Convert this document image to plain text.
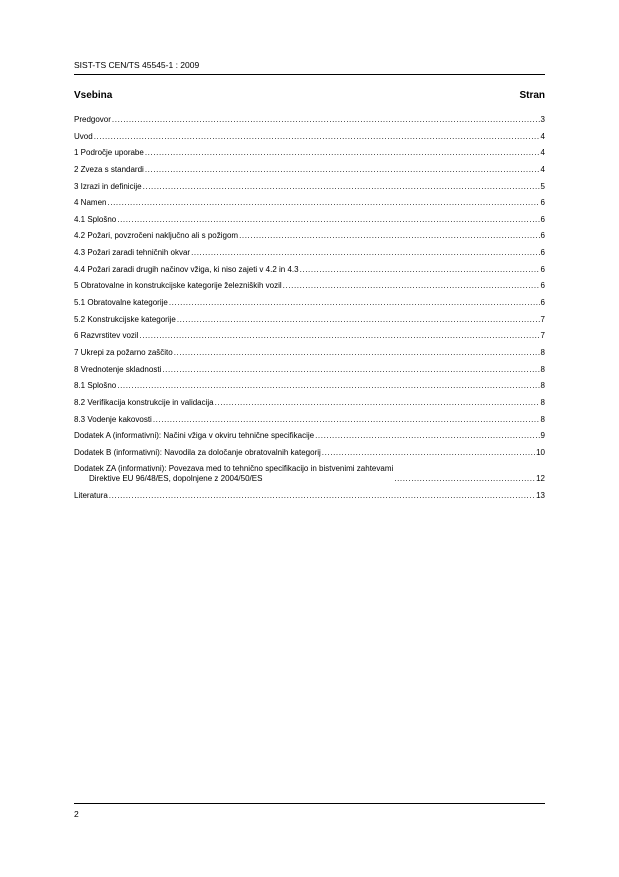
SIST-TS CEN/TS 45545-1 : 2009
Vsebina	Stran
Predgovor .....	3
Uvod .....	4
1 Področje uporabe .....	4
2 Zveza s standardi .....	4
3 Izrazi in definicije .....	5
4 Namen .....	6
4.1 Splošno .....	6
4.2 Požari, povzročeni naključno ali s požigom .....	6
4.3 Požari zaradi tehničnih okvar .....	6
4.4 Požari zaradi drugih načinov vžiga, ki niso zajeti v 4.2 in 4.3 .....	6
5 Obratovalne in konstrukcijske kategorije železniških vozil .....	6
5.1 Obratovalne kategorije .....	6
5.2 Konstrukcijske kategorije .....	7
6 Razvrstitev vozil .....	7
7 Ukrepi za požarno zaščito .....	8
8 Vrednotenje skladnosti .....	8
8.1 Splošno .....	8
8.2 Verifikacija konstrukcije in validacija .....	8
8.3 Vodenje kakovosti .....	8
Dodatek A (informativni): Načini vžiga v okviru tehnične specifikacije .....	9
Dodatek B (informativni): Navodila za določanje obratovalnih kategorij .....	10
Dodatek ZA (informativni): Povezava med to tehnično specifikacijo in bistvenimi zahtevami
Direktive EU 96/48/ES, dopolnjene z 2004/50/ES .....	12
Literatura .....	13
2
